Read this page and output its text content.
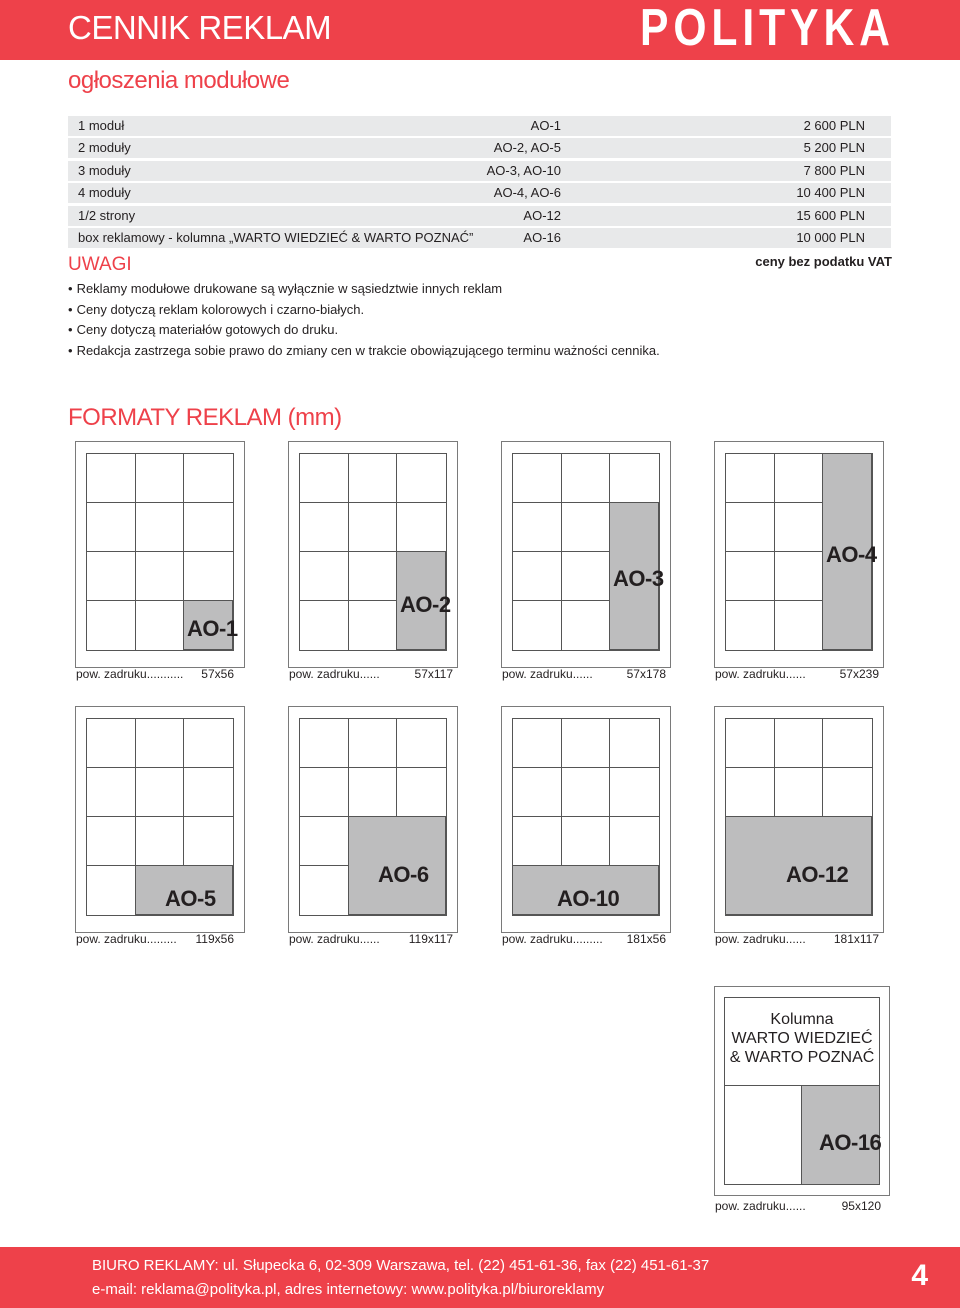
CENNIK REKLAM	POLITYKA
ogłoszenia modułowe
1 moduł	AO-1	2 600 PLN
2 moduły	AO-2, AO-5	5 200 PLN
3 moduły	AO-3, AO-10	7 800 PLN
4 moduły	AO-4, AO-6	10 400 PLN
1/2 strony	AO-12	15 600 PLN
box reklamowy - kolumna „WARTO WIEDZIEĆ & WARTO POZNAĆ”	AO-16	10 000 PLN
UWAGI	ceny bez podatku VAT
• Reklamy modułowe drukowane są wyłącznie w sąsiedztwie innych reklam
• Ceny dotyczą reklam kolorowych i czarno-białych.
• Ceny dotyczą materiałów gotowych do druku.
• Redakcja zastrzega sobie prawo do zmiany cen w trakcie obowiązującego terminu ważności cennika.
FORMATY REKLAM (mm)
AO-1
pow. zadruku........... 57x56
AO-2
pow. zadruku......	57x117
AO-3
pow. zadruku......	57x178
AO-4
pow. zadruku......	57x239
AO-5
pow. zadruku......... 119x56
AO-6
pow. zadruku...... 119x117
AO-10
pow. zadruku......... 181x56
AO-12
pow. zadruku...... 181x117
Kolumna
WARTO WIEDZIEĆ
& WARTO POZNAĆ
AO-16
pow. zadruku......	95x120
BIURO REKLAMY: ul. Słupecka 6, 02-309 Warszawa, tel. (22) 451-61-36, fax (22) 451-61-37
e-mail: reklama@polityka.pl, adres internetowy: www.polityka.pl/biuroreklamy	4
